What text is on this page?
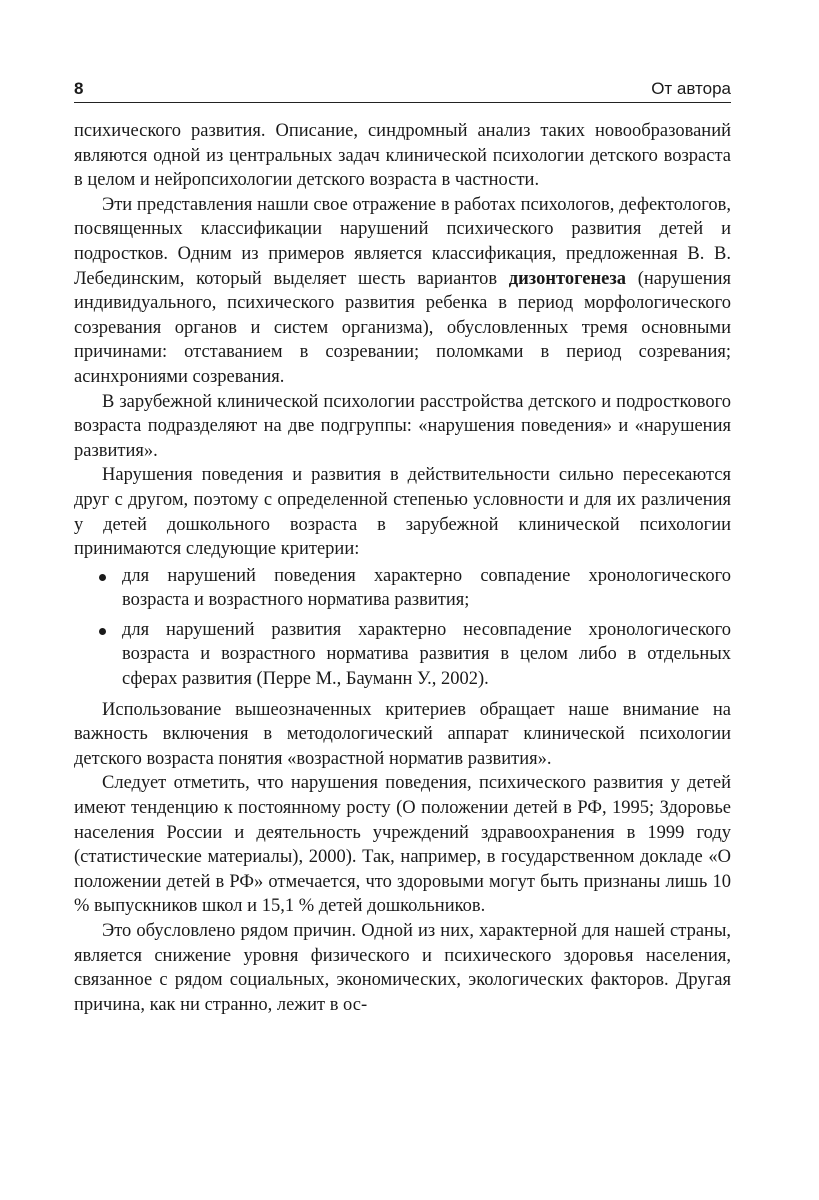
8	От автора

психического развития. Описание, синдромный анализ таких новообразований являются одной из центральных задач клинической психологии детского возраста в целом и нейропсихологии детского возраста в частности.

Эти представления нашли свое отражение в работах психологов, дефектологов, посвященных классификации нарушений психического развития детей и подростков. Одним из примеров является классификация, предложенная В. В. Лебединским, который выделяет шесть вариантов дизонтогенеза (нарушения индивидуального, психического развития ребенка в период морфологического созревания органов и систем организма), обусловленных тремя основными причинами: отставанием в созревании; поломками в период созревания; асинхрониями созревания.

В зарубежной клинической психологии расстройства детского и подросткового возраста подразделяют на две подгруппы: «нарушения поведения» и «нарушения развития».

Нарушения поведения и развития в действительности сильно пересекаются друг с другом, поэтому с определенной степенью условности и для их различения у детей дошкольного возраста в зарубежной клинической психологии принимаются следующие критерии:

для нарушений поведения характерно совпадение хронологического возраста и возрастного норматива развития;
для нарушений развития характерно несовпадение хронологического возраста и возрастного норматива развития в целом либо в отдельных сферах развития (Перре М., Бауманн У., 2002).

Использование вышеозначенных критериев обращает наше внимание на важность включения в методологический аппарат клинической психологии детского возраста понятия «возрастной норматив развития».

Следует отметить, что нарушения поведения, психического развития у детей имеют тенденцию к постоянному росту (О положении детей в РФ, 1995; Здоровье населения России и деятельность учреждений здравоохранения в 1999 году (статистические материалы), 2000). Так, например, в государственном докладе «О положении детей в РФ» отмечается, что здоровыми могут быть признаны лишь 10 % выпускников школ и 15,1 % детей дошкольников.

Это обусловлено рядом причин. Одной из них, характерной для нашей страны, является снижение уровня физического и психического здоровья населения, связанное с рядом социальных, экономических, экологических факторов. Другая причина, как ни странно, лежит в ос-
